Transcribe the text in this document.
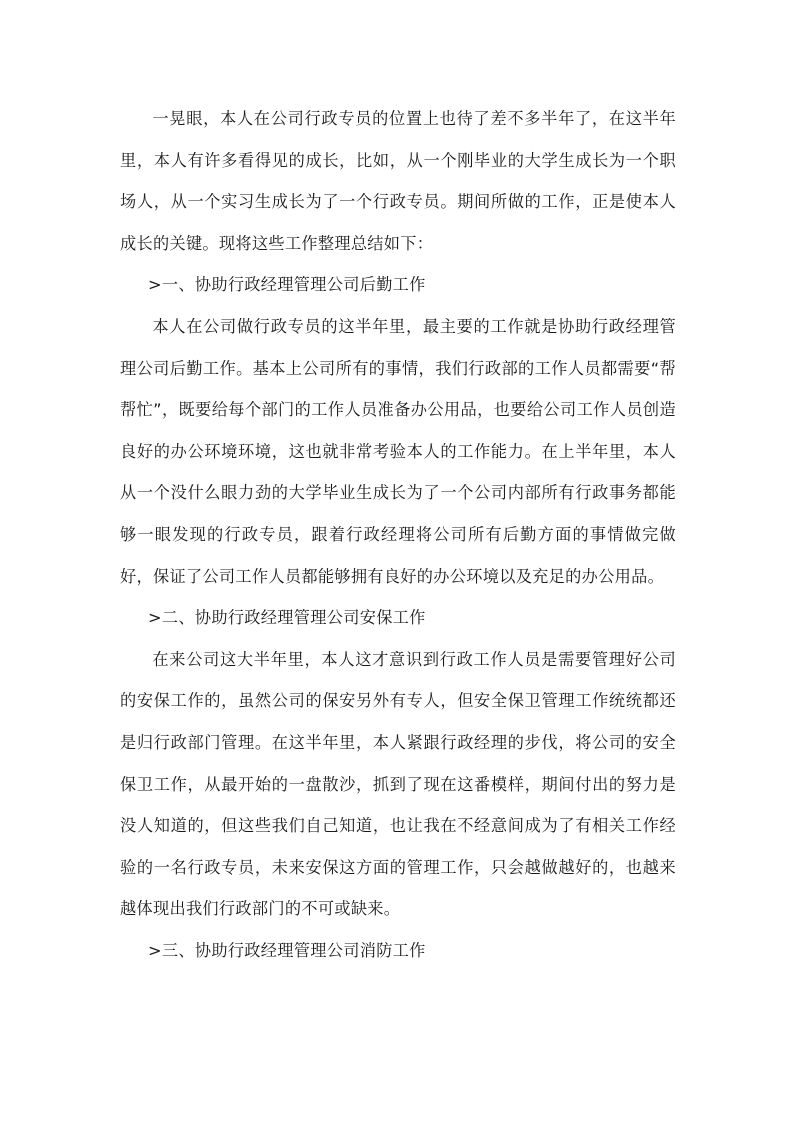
一晃眼，本人在公司行政专员的位置上也待了差不多半年了，在这半年里，本人有许多看得见的成长，比如，从一个刚毕业的大学生成长为一个职场人，从一个实习生成长为了一个行政专员。期间所做的工作，正是使本人成长的关键。现将这些工作整理总结如下：

>一、协助行政经理管理公司后勤工作

本人在公司做行政专员的这半年里，最主要的工作就是协助行政经理管理公司后勤工作。基本上公司所有的事情，我们行政部的工作人员都需要“帮帮忙”，既要给每个部门的工作人员准备办公用品，也要给公司工作人员创造良好的办公环境环境，这也就非常考验本人的工作能力。在上半年里，本人从一个没什么眼力劲的大学毕业生成长为了一个公司内部所有行政事务都能够一眼发现的行政专员，跟着行政经理将公司所有后勤方面的事情做完做好，保证了公司工作人员都能够拥有良好的办公环境以及充足的办公用品。

>二、协助行政经理管理公司安保工作

在来公司这大半年里，本人这才意识到行政工作人员是需要管理好公司的安保工作的，虽然公司的保安另外有专人，但安全保卫管理工作统统都还是归行政部门管理。在这半年里，本人紧跟行政经理的步伐，将公司的安全保卫工作，从最开始的一盘散沙，抓到了现在这番模样，期间付出的努力是没人知道的，但这些我们自己知道，也让我在不经意间成为了有相关工作经验的一名行政专员，未来安保这方面的管理工作，只会越做越好的，也越来越体现出我们行政部门的不可或缺来。

>三、协助行政经理管理公司消防工作
